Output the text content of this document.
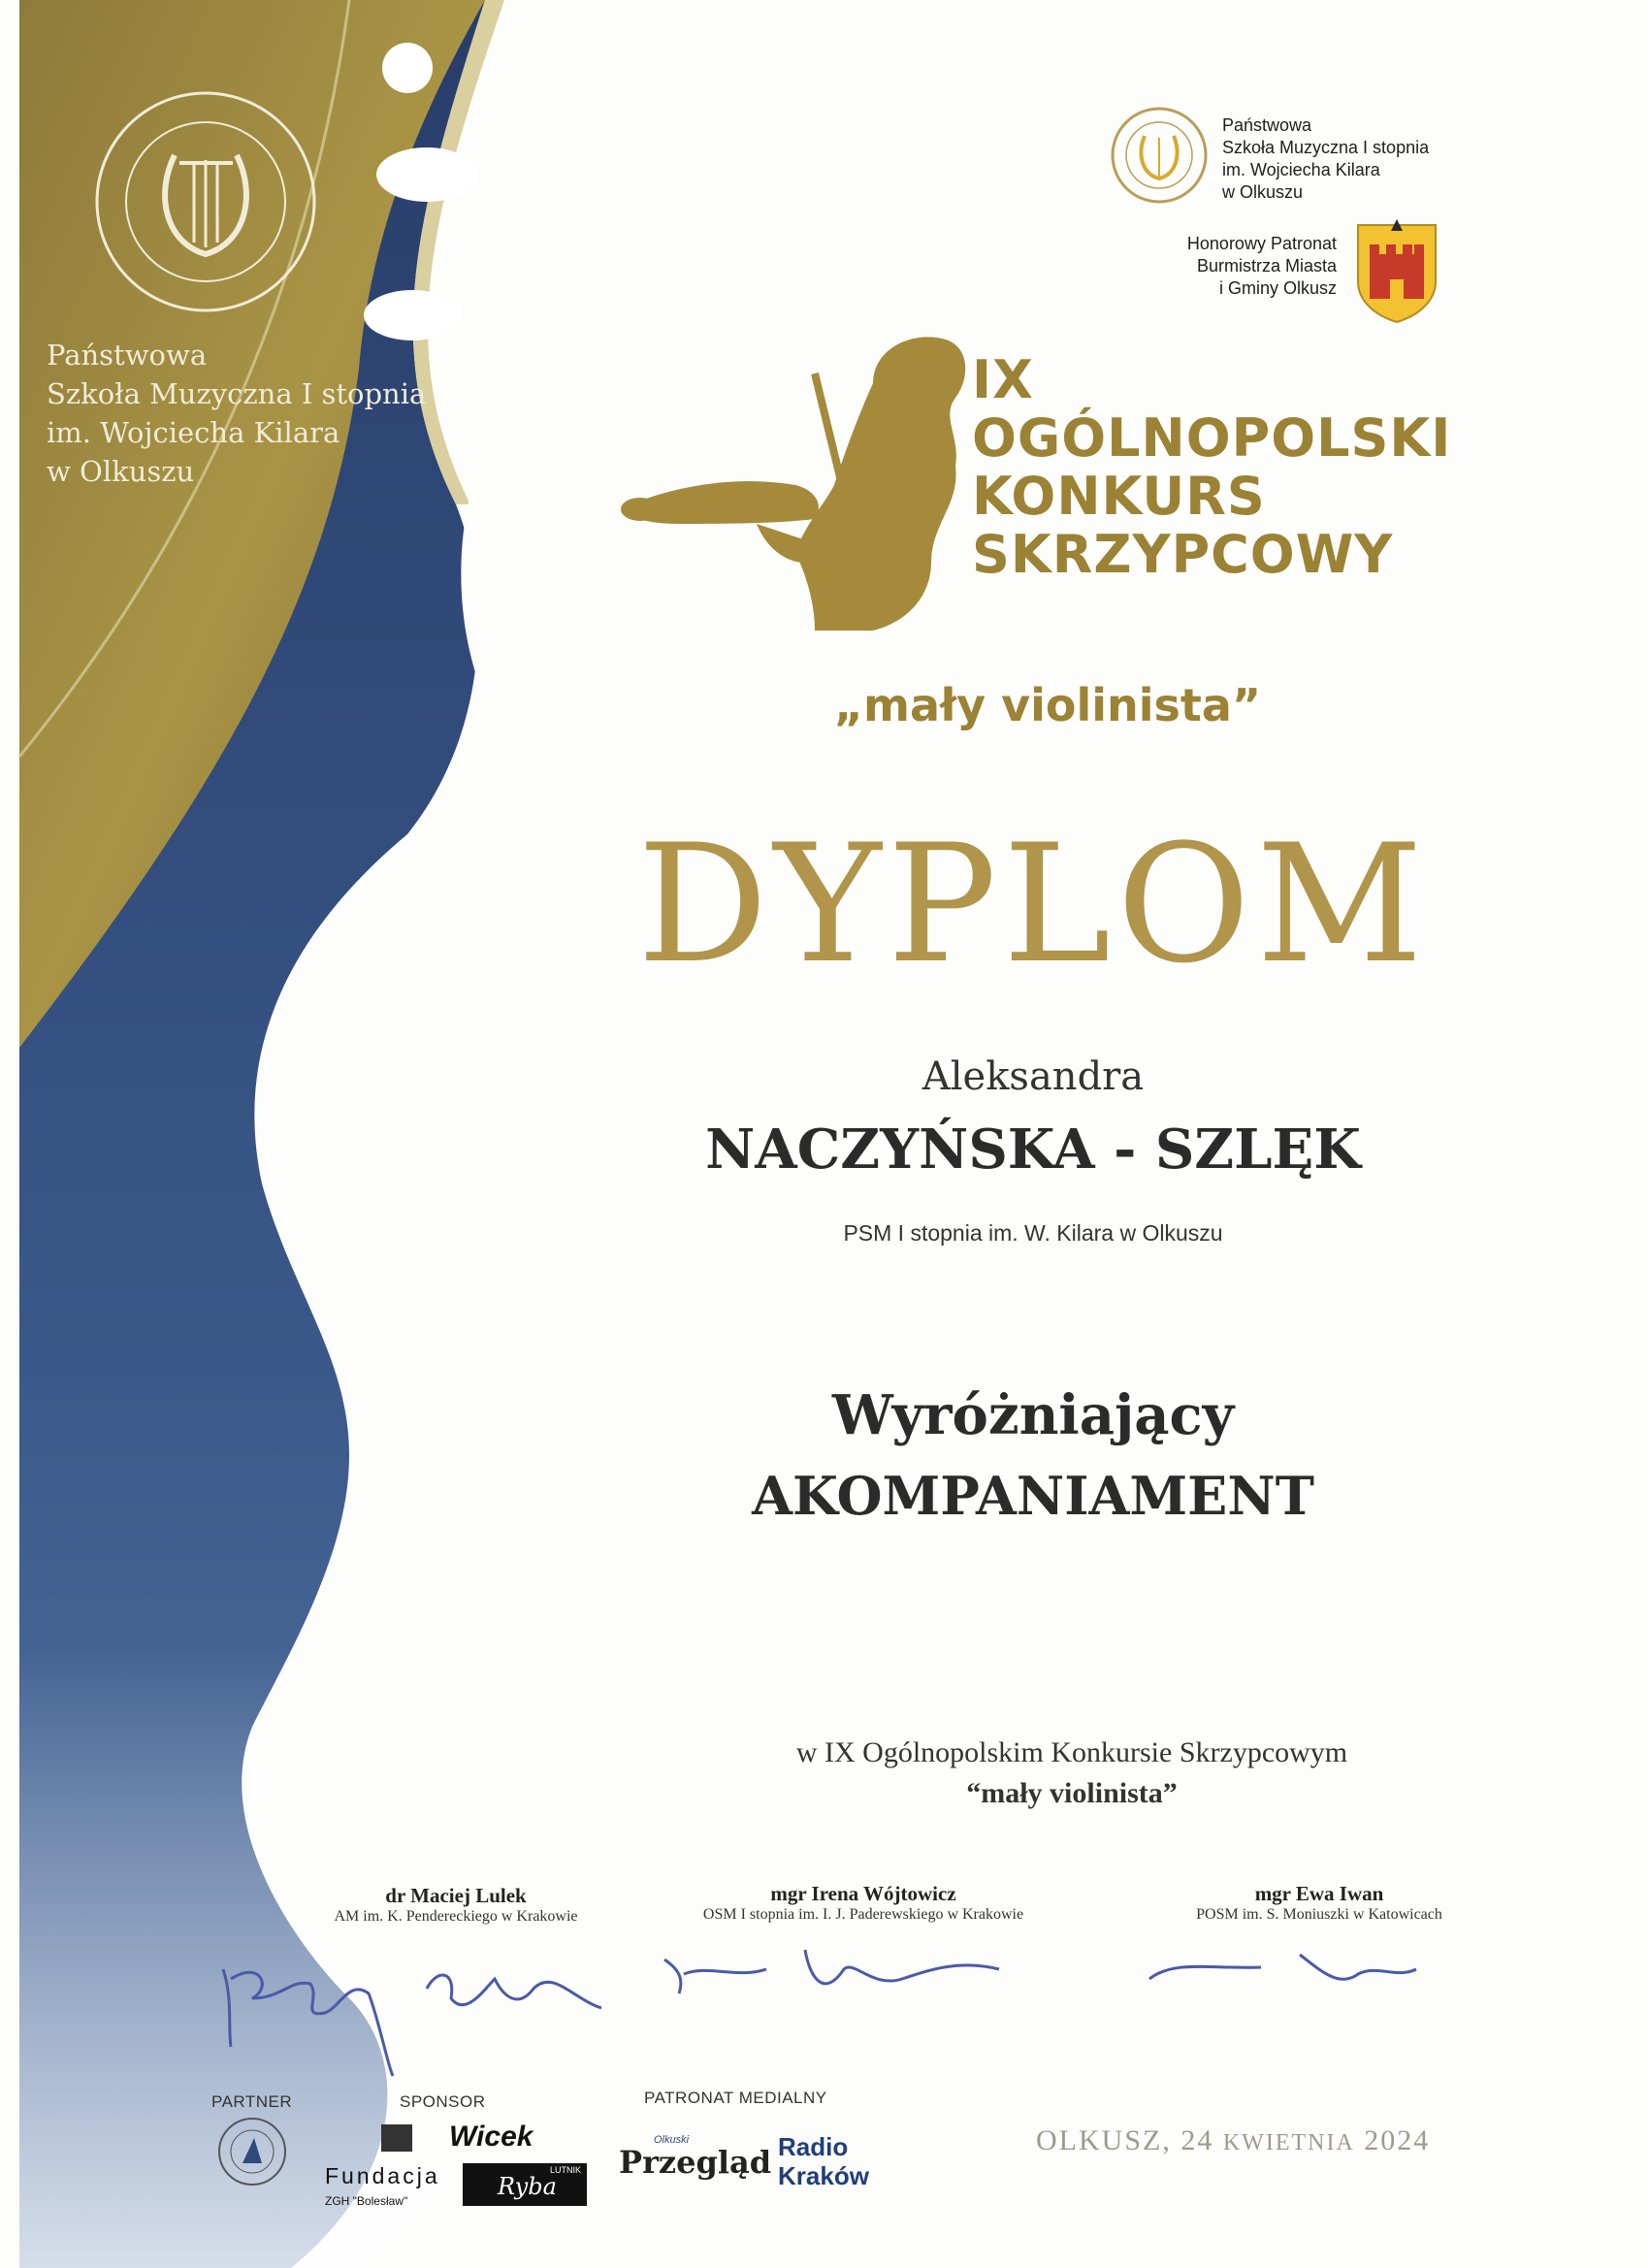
Państwowa
Szkoła Muzyczna I stopnia
im. Wojciecha Kilara
w Olkuszu
Państwowa
Szkoła Muzyczna I stopnia
im. Wojciecha Kilara
w Olkuszu
Honorowy Patronat
Burmistrza Miasta
i Gminy Olkusz
IX
OGÓLNOPOLSKI
KONKURS
SKRZYPCOWY
„mały violinista”
DYPLOM
Aleksandra
NACZYŃSKA - SZLĘK
PSM I stopnia im. W. Kilara w Olkuszu
Wyróżniający
AKOMPANIAMENT
w IX Ogólnopolskim Konkursie Skrzypcowym
“mały violinista”
dr Maciej Lulek
AM im. K. Pendereckiego w Krakowie
mgr Irena Wójtowicz
OSM I stopnia im. I. J. Paderewskiego w Krakowie
mgr Ewa Iwan
POSM im. S. Moniuszki w Katowicach
PARTNER	SPONSOR	PATRONAT MEDIALNY
Wicek
Fundacja
ZGH "Bolesław"
LUTNIK
Ryba
Olkuski
Przegląd Radio
Kraków
OLKUSZ, 24 KWIETNIA 2024
